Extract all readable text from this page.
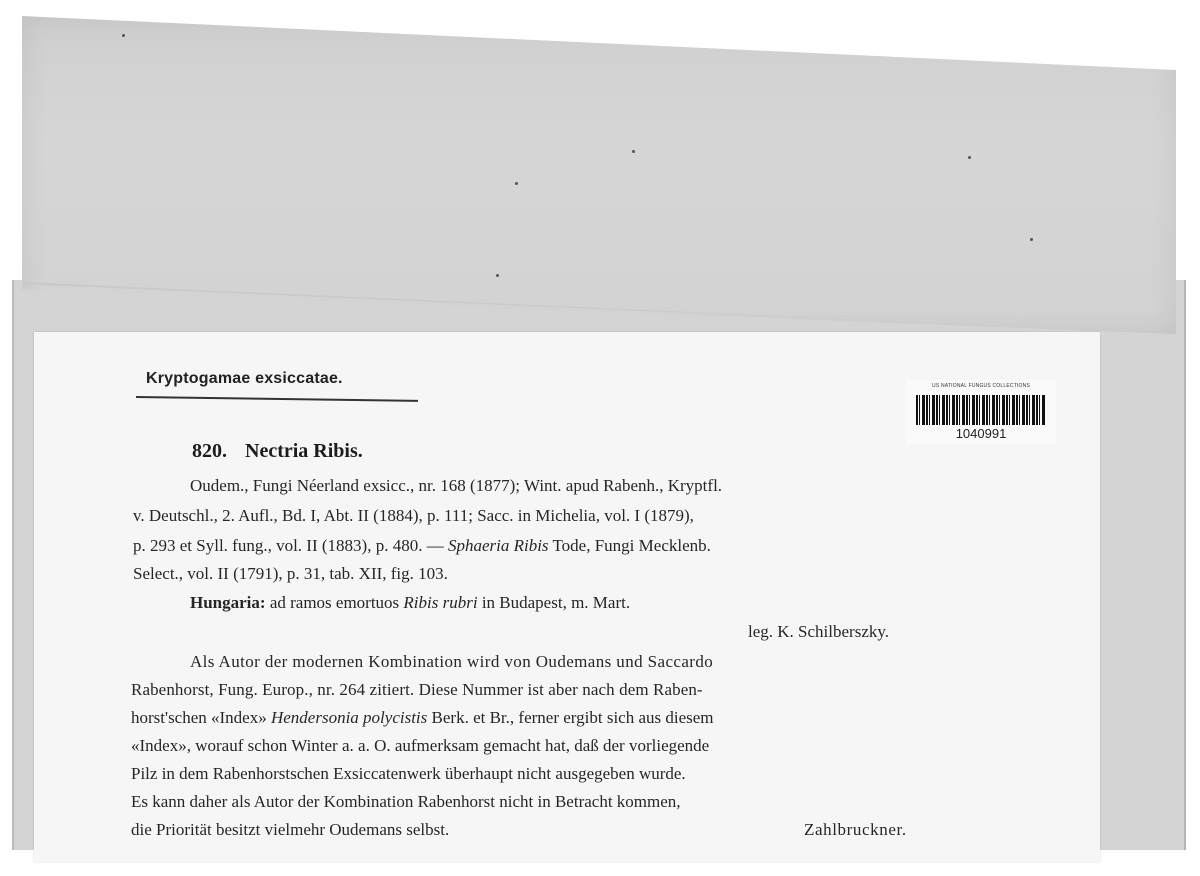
Kryptogamae exsiccatae.	US NATIONAL FUNGUS COLLECTIONS
1040991
820. Nectria Ribis.
Oudem., Fungi Néerland exsicc., nr. 168 (1877); Wint. apud Rabenh., Kryptfl.
v. Deutschl., 2. Aufl., Bd. I, Abt. II (1884), p. 111; Sacc. in Michelia, vol. I (1879),
p. 293 et Syll. fung., vol. II (1883), p. 480. — Sphaeria Ribis Tode, Fungi Mecklenb.
Select., vol. II (1791), p. 31, tab. XII, fig. 103.
Hungaria: ad ramos emortuos Ribis rubri in Budapest, m. Mart.
leg. K. Schilberszky.
Als Autor der modernen Kombination wird von Oudemans und Saccardo
Rabenhorst, Fung. Europ., nr. 264 zitiert. Diese Nummer ist aber nach dem Raben-
horst'schen «Index» Hendersonia polycistis Berk. et Br., ferner ergibt sich aus diesem
«Index», worauf schon Winter a. a. O. aufmerksam gemacht hat, daß der vorliegende
Pilz in dem Rabenhorstschen Exsiccatenwerk überhaupt nicht ausgegeben wurde.
Es kann daher als Autor der Kombination Rabenhorst nicht in Betracht kommen,
die Priorität besitzt vielmehr Oudemans selbst.	Zahlbruckner.
